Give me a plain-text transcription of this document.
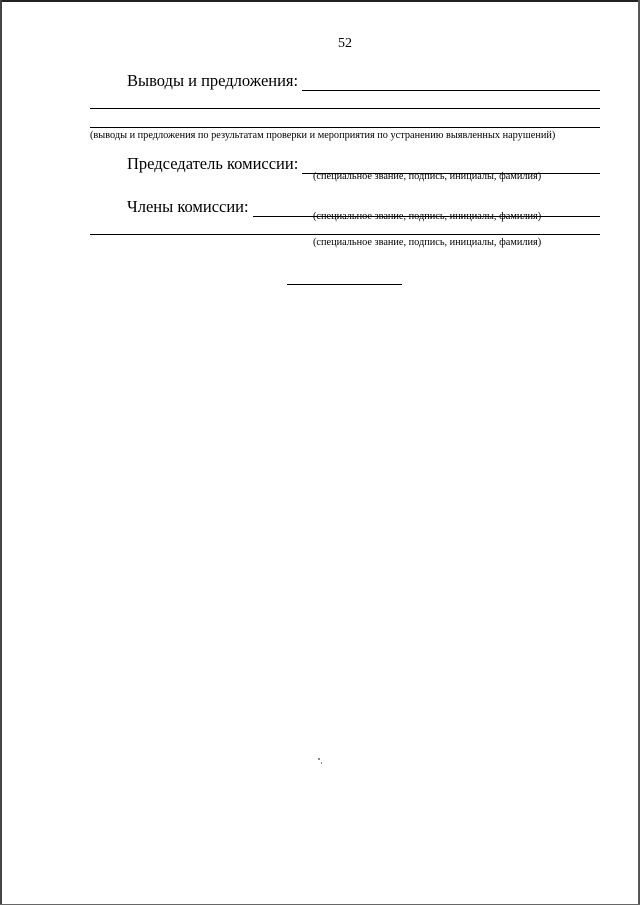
52
Выводы и предложения:
(выводы и предложения по результатам проверки и мероприятия по устранению выявленных нарушений)
Председатель комиссии:
(специальное звание, подпись, инициалы, фамилия)
Члены комиссии:
(специальное звание, подпись, инициалы, фамилия)
(специальное звание, подпись, инициалы, фамилия)
